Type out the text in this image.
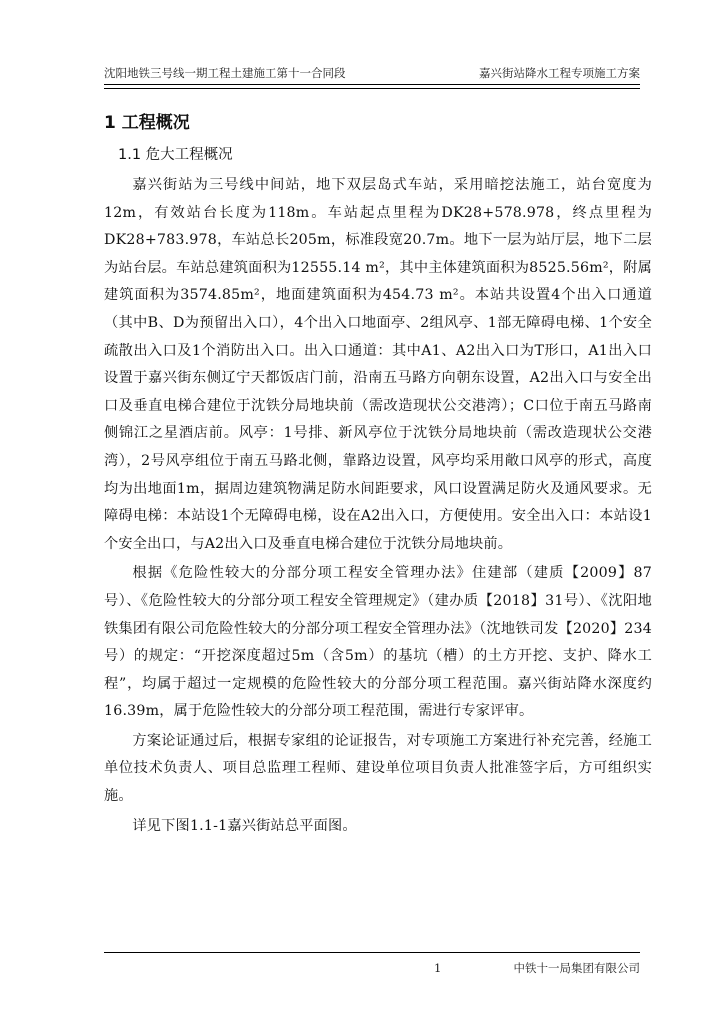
沈阳地铁三号线一期工程土建施工第十一合同段	嘉兴街站降水工程专项施工方案
1 工程概况
1.1 危大工程概况

嘉兴街站为三号线中间站，地下双层岛式车站，采用暗挖法施工，站台宽度为12m，有效站台长度为118m。车站起点里程为DK28+578.978，终点里程为DK28+783.978，车站总长205m，标准段宽20.7m。地下一层为站厅层，地下二层为站台层。车站总建筑面积为12555.14 m²，其中主体建筑面积为8525.56m²，附属建筑面积为3574.85m²，地面建筑面积为454.73 m²。本站共设置4个出入口通道（其中B、D为预留出入口），4个出入口地面亭、2组风亭、1部无障碍电梯、1个安全疏散出入口及1个消防出入口。出入口通道：其中A1、A2出入口为T形口，A1出入口设置于嘉兴街东侧辽宁天都饭店门前，沿南五马路方向朝东设置，A2出入口与安全出口及垂直电梯合建位于沈铁分局地块前（需改造现状公交港湾）；C口位于南五马路南侧锦江之星酒店前。风亭：1号排、新风亭位于沈铁分局地块前（需改造现状公交港湾），2号风亭组位于南五马路北侧，靠路边设置，风亭均采用敞口风亭的形式，高度均为出地面1m，据周边建筑物满足防水间距要求，风口设置满足防火及通风要求。无障碍电梯：本站设1个无障碍电梯，设在A2出入口，方便使用。安全出入口：本站设1个安全出口，与A2出入口及垂直电梯合建位于沈铁分局地块前。

根据《危险性较大的分部分项工程安全管理办法》住建部（建质【2009】87号）、《危险性较大的分部分项工程安全管理规定》（建办质【2018】31号）、《沈阳地铁集团有限公司危险性较大的分部分项工程安全管理办法》（沈地铁司发【2020】234号）的规定：“开挖深度超过5m（含5m）的基坑（槽）的土方开挖、支护、降水工程”，均属于超过一定规模的危险性较大的分部分项工程范围。嘉兴街站降水深度约16.39m，属于危险性较大的分部分项工程范围，需进行专家评审。

方案论证通过后，根据专家组的论证报告，对专项施工方案进行补充完善，经施工单位技术负责人、项目总监理工程师、建设单位项目负责人批准签字后，方可组织实施。

详见下图1.1-1嘉兴街站总平面图。

1	中铁十一局集团有限公司
